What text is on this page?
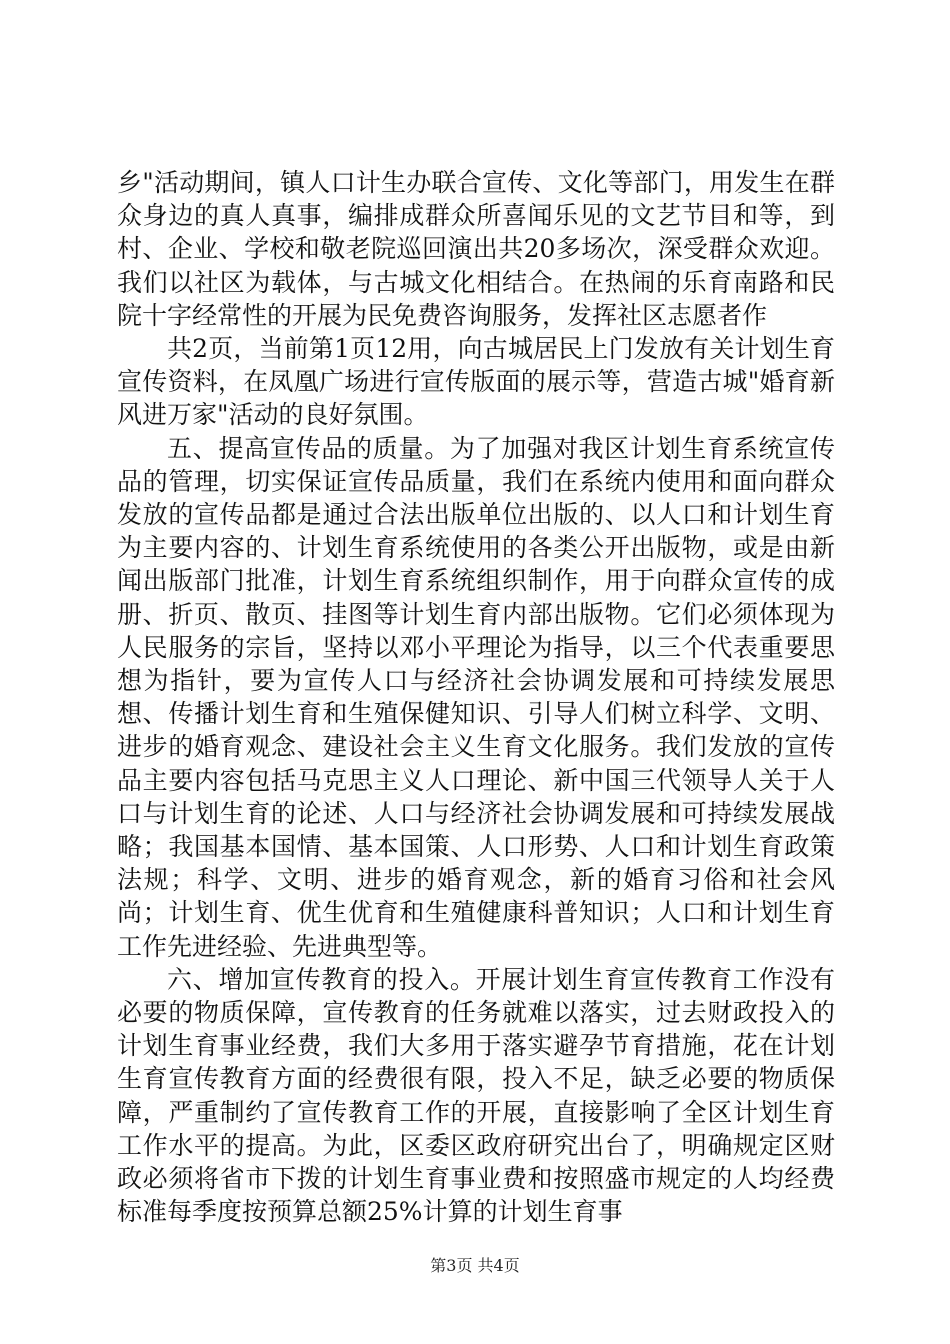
乡"活动期间，镇人口计生办联合宣传、文化等部门，用发生在群众身边的真人真事，编排成群众所喜闻乐见的文艺节目和等，到村、企业、学校和敬老院巡回演出共20多场次，深受群众欢迎。我们以社区为载体，与古城文化相结合。在热闹的乐育南路和民院十字经常性的开展为民免费咨询服务，发挥社区志愿者作

共2页，当前第1页12用，向古城居民上门发放有关计划生育宣传资料，在凤凰广场进行宣传版面的展示等，营造古城"婚育新风进万家"活动的良好氛围。

五、提高宣传品的质量。为了加强对我区计划生育系统宣传品的管理，切实保证宣传品质量，我们在系统内使用和面向群众发放的宣传品都是通过合法出版单位出版的、以人口和计划生育为主要内容的、计划生育系统使用的各类公开出版物，或是由新闻出版部门批准，计划生育系统组织制作，用于向群众宣传的成册、折页、散页、挂图等计划生育内部出版物。它们必须体现为人民服务的宗旨，坚持以邓小平理论为指导，以三个代表重要思想为指针，要为宣传人口与经济社会协调发展和可持续发展思想、传播计划生育和生殖保健知识、引导人们树立科学、文明、进步的婚育观念、建设社会主义生育文化服务。我们发放的宣传品主要内容包括马克思主义人口理论、新中国三代领导人关于人口与计划生育的论述、人口与经济社会协调发展和可持续发展战略；我国基本国情、基本国策、人口形势、人口和计划生育政策法规；科学、文明、进步的婚育观念，新的婚育习俗和社会风尚；计划生育、优生优育和生殖健康科普知识；人口和计划生育工作先进经验、先进典型等。

六、增加宣传教育的投入。开展计划生育宣传教育工作没有必要的物质保障，宣传教育的任务就难以落实，过去财政投入的计划生育事业经费，我们大多用于落实避孕节育措施，花在计划生育宣传教育方面的经费很有限，投入不足，缺乏必要的物质保障，严重制约了宣传教育工作的开展，直接影响了全区计划生育工作水平的提高。为此，区委区政府研究出台了，明确规定区财政必须将省市下拨的计划生育事业费和按照盛市规定的人均经费标准每季度按预算总额25%计算的计划生育事

第3页 共4页
